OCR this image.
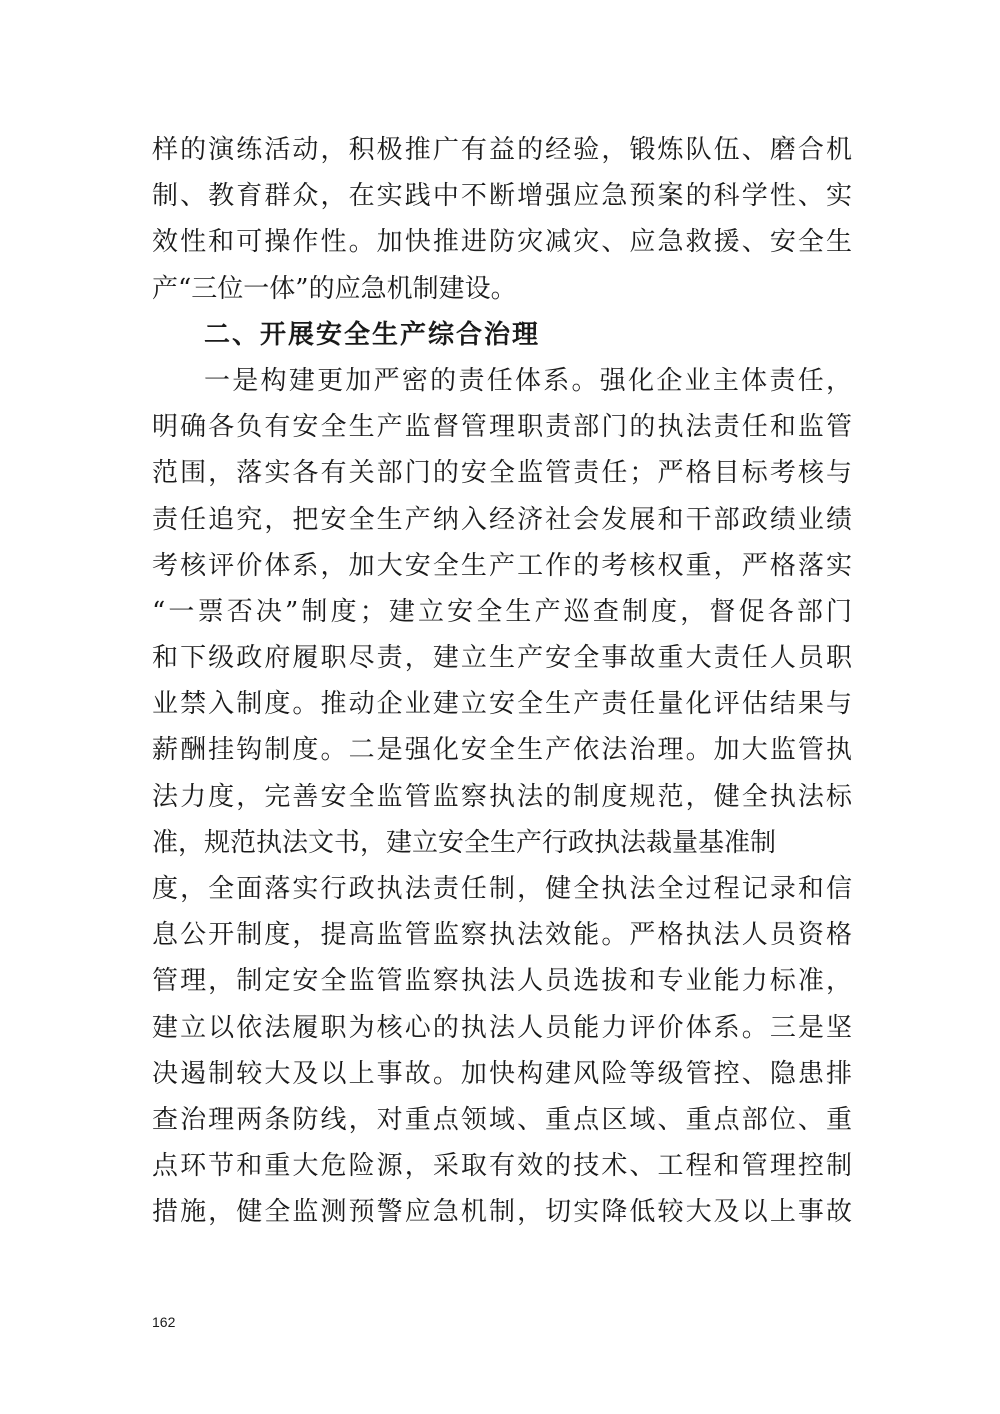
样的演练活动，积极推广有益的经验，锻炼队伍、磨合机
制、教育群众，在实践中不断增强应急预案的科学性、实
效性和可操作性。加快推进防灾减灾、应急救援、安全生
产“三位一体”的应急机制建设。
二、开展安全生产综合治理
一是构建更加严密的责任体系。强化企业主体责任，
明确各负有安全生产监督管理职责部门的执法责任和监管
范围，落实各有关部门的安全监管责任；严格目标考核与
责任追究，把安全生产纳入经济社会发展和干部政绩业绩
考核评价体系，加大安全生产工作的考核权重，严格落实
“一票否决”制度；建立安全生产巡查制度，督促各部门
和下级政府履职尽责，建立生产安全事故重大责任人员职
业禁入制度。推动企业建立安全生产责任量化评估结果与
薪酬挂钩制度。二是强化安全生产依法治理。加大监管执
法力度，完善安全监管监察执法的制度规范，健全执法标
准，规范执法文书，建立安全生产行政执法裁量基准制
度，全面落实行政执法责任制，健全执法全过程记录和信
息公开制度，提高监管监察执法效能。严格执法人员资格
管理，制定安全监管监察执法人员选拔和专业能力标准，
建立以依法履职为核心的执法人员能力评价体系。三是坚
决遏制较大及以上事故。加快构建风险等级管控、隐患排
查治理两条防线，对重点领域、重点区域、重点部位、重
点环节和重大危险源，采取有效的技术、工程和管理控制
措施，健全监测预警应急机制，切实降低较大及以上事故
162
